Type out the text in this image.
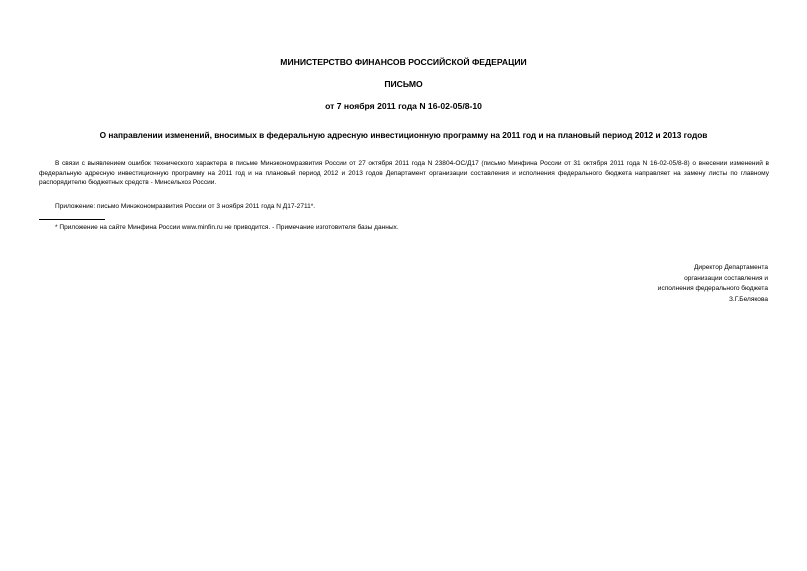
МИНИСТЕРСТВО ФИНАНСОВ РОССИЙСКОЙ ФЕДЕРАЦИИ
ПИСЬМО
от 7 ноября 2011 года N 16-02-05/8-10
О направлении изменений, вносимых в федеральную адресную инвестиционную программу на 2011 год и на плановый период 2012 и 2013 годов
В связи с выявлением ошибок технического характера в письме Минэкономразвития России от 27 октября 2011 года N 23804-ОС/Д17 (письмо Минфина России от 31 октября 2011 года N 16-02-05/8-8) о внесении изменений в федеральную адресную инвестиционную программу на 2011 год и на плановый период 2012 и 2013 годов Департамент организации составления и исполнения федерального бюджета направляет на замену листы по главному распорядителю бюджетных средств - Минсельхоз России.
Приложение: письмо Минэкономразвития России от 3 ноября 2011 года N Д17-2711*.
* Приложение на сайте Минфина России www.minfin.ru не приводится. - Примечание изготовителя базы данных.
Директор Департамента
организации составления и
исполнения федерального бюджета
З.Г.Белякова
